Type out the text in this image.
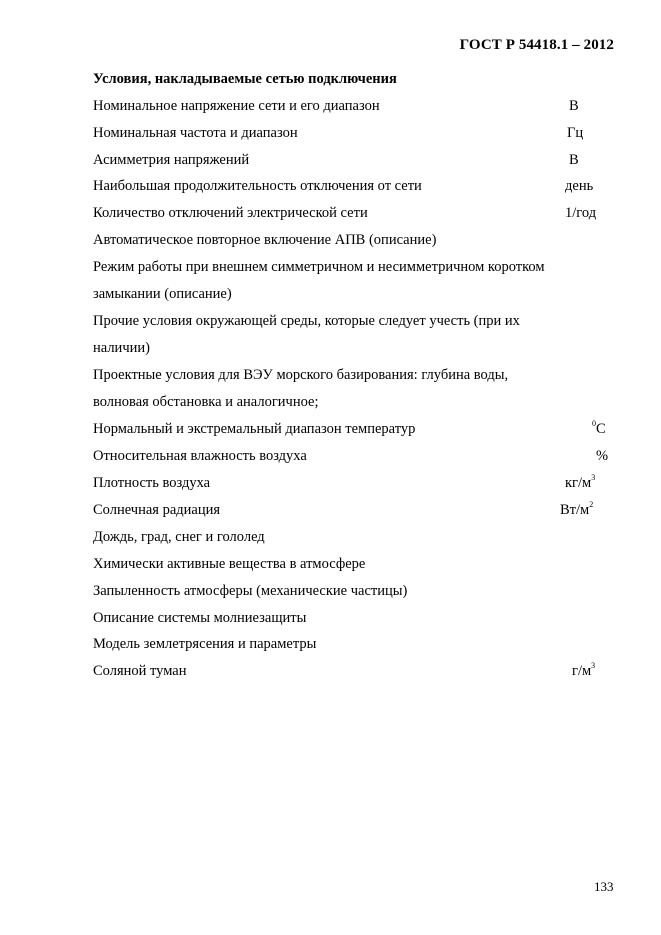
ГОСТ Р 54418.1 – 2012
Условия, накладываемые сетью подключения
Номинальное напряжение сети и его диапазон	В
Номинальная частота и диапазон	Гц
Асимметрия напряжений	В
Наибольшая продолжительность отключения от сети	день
Количество отключений электрической сети	1/год
Автоматическое повторное включение АПВ (описание)
Режим работы при внешнем симметричном и несимметричном коротком
замыкании (описание)
Прочие условия окружающей среды, которые следует учесть (при их
наличии)
Проектные условия для ВЭУ морского базирования: глубина воды,
волновая обстановка и аналогичное;
Нормальный и экстремальный диапазон температур	$^0$С
Относительная влажность воздуха	%
Плотность воздуха	$кг/м^3$
Солнечная радиация	$Вт/м^2$
Дождь, град, снег и гололед
Химически активные вещества в атмосфере
Запыленность атмосферы (механические частицы)
Описание системы молниезащиты
Модель землетрясения и параметры
Соляной туман	$г/м^3$
133
